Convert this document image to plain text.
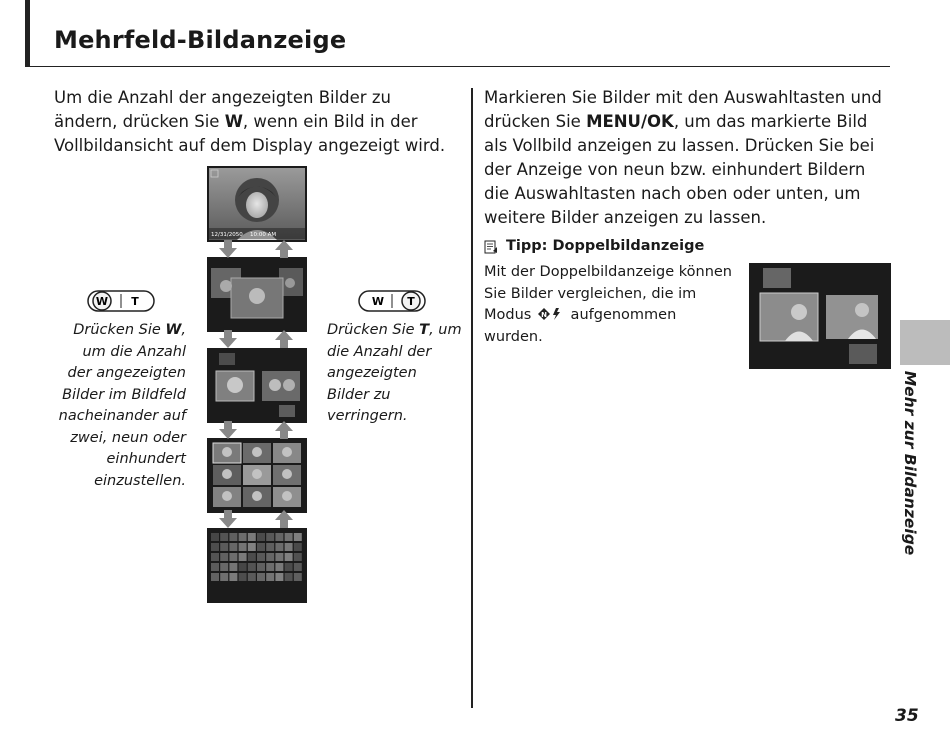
Mehrfeld-Bildanzeige

Um die Anzahl der angezeigten Bilder zu ändern, drücken Sie W, wenn ein Bild in der Vollbildansicht auf dem Display angezeigt wird.

12/31/2050 10:00 AM
W T	W T

Drücken Sie W, um die Anzahl der angezeigten Bilder im Bildfeld nacheinander auf zwei, neun oder einhundert einzustellen.

Drücken Sie T, um die Anzahl der angezeigten Bilder zu verringern.

Markieren Sie Bilder mit den Auswahltasten und drücken Sie MENU/OK, um das markierte Bild als Vollbild anzeigen zu lassen. Drücken Sie bei der Anzeige von neun bzw. einhundert Bildern die Auswahltasten nach oben oder unten, um weitere Bilder anzeigen zu lassen.

Tipp: Doppelbildanzeige

Mit der Doppelbildanzeige können Sie Bilder vergleichen, die im Modus N aufgenommen wurden.

Mehr zur Bildanzeige

35
